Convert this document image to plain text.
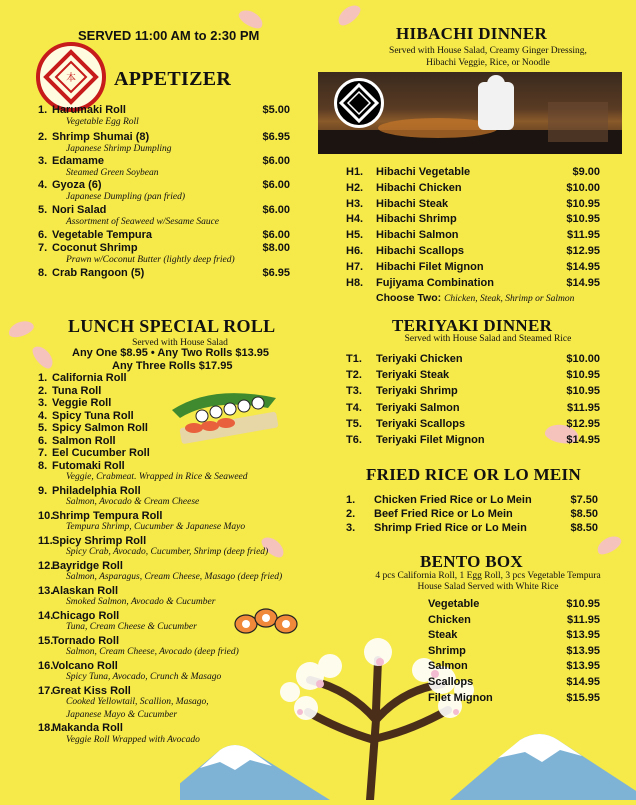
SERVED 11:00 AM to 2:30 PM
本 APPETIZER
1. Harumaki Roll	$5.00
Vegetable Egg Roll
2. Shrimp Shumai (8)	$6.95
Japanese Shrimp Dumpling
3. Edamame	$6.00
Steamed Green Soybean
4. Gyoza (6)	$6.00
Japanese Dumpling (pan fried)
5. Nori Salad	$6.00
Assortment of Seaweed w/Sesame Sauce
6. Vegetable Tempura	$6.00
7. Coconut Shrimp	$8.00
Prawn w/Coconut Butter (lightly deep fried)
8. Crab Rangoon (5)	$6.95
LUNCH SPECIAL ROLL
Served with House Salad
Any One $8.95 • Any Two Rolls $13.95
Any Three Rolls $17.95
1. California Roll
2. Tuna Roll
3. Veggie Roll
4. Spicy Tuna Roll
5. Spicy Salmon Roll
6. Salmon Roll
7. Eel Cucumber Roll
8. Futomaki Roll
Veggie, Crabmeat. Wrapped in Rice & Seaweed
9. Philadelphia Roll
Salmon, Avocado & Cream Cheese
10.
Shrimp Tempura Roll
Tempura Shrimp, Cucumber & Japanese Mayo
11. Spicy Shrimp Roll
Spicy Crab, Avocado, Cucumber, Shrimp (deep fried)
12.
Bayridge Roll
Salmon, Asparagus, Cream Cheese, Masago (deep fried)
13.
Alaskan Roll
Smoked Salmon, Avocado & Cucumber
14.
Chicago Roll
Tuna, Cream Cheese & Cucumber
15.
Tornado Roll
Salmon, Cream Cheese, Avocado (deep fried)
16.
Volcano Roll
Spicy Tuna, Avocado, Crunch & Masago
17.
Great Kiss Roll
Cooked Yellowtail, Scallion, Masago,
Japanese Mayo & Cucumber
18.
Makanda Roll
Veggie Roll Wrapped with Avocado
HIBACHI DINNER
Served with House Salad, Creamy Ginger Dressing,
Hibachi Veggie, Rice, or Noodle
H1. Hibachi Vegetable	$9.00
H2. Hibachi Chicken	$10.00
H3. Hibachi Steak	$10.95
H4. Hibachi Shrimp	$10.95
H5. Hibachi Salmon	$11.95
H6. Hibachi Scallops	$12.95
H7. Hibachi Filet Mignon	$14.95
H8. Fujiyama Combination	$14.95
Choose Two: Chicken, Steak, Shrimp or Salmon
TERIYAKI DINNER
Served with House Salad and Steamed Rice
T1. Teriyaki Chicken	$10.00
T2. Teriyaki Steak	$10.95
T3. Teriyaki Shrimp	$10.95
T4. Teriyaki Salmon	$11.95
T5. Teriyaki Scallops	$12.95
T6. Teriyaki Filet Mignon	$14.95
FRIED RICE OR LO MEIN
1. Chicken Fried Rice or Lo Mein	$7.50
2. Beef Fried Rice or Lo Mein	$8.50
3. Shrimp Fried Rice or Lo Mein	$8.50
BENTO BOX
4 pcs California Roll, 1 Egg Roll, 3 pcs Vegetable Tempura
House Salad Served with White Rice
Vegetable	$10.95
Chicken	$11.95
Steak	$13.95
Shrimp	$13.95
Salmon	$13.95
Scallops	$14.95
Filet Mignon	$15.95
